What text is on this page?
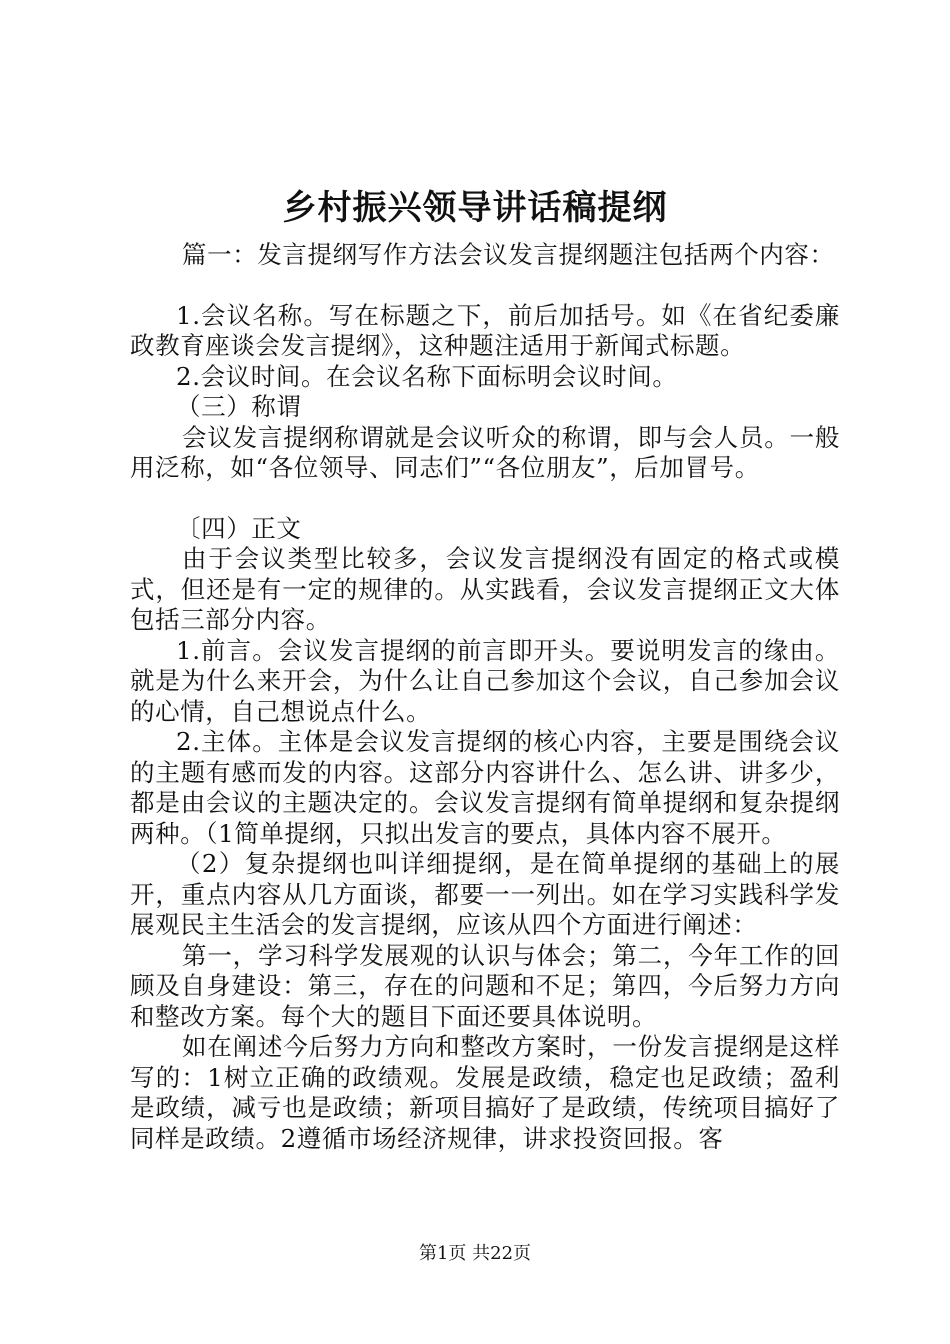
乡村振兴领导讲话稿提纲

篇一：发言提纲写作方法会议发言提纲题注包括两个内容：

1.会议名称。写在标题之下，前后加括号。如《在省纪委廉政教育座谈会发言提纲》，这种题注适用于新闻式标题。

2.会议时间。在会议名称下面标明会议时间。

（三）称谓

会议发言提纲称谓就是会议听众的称谓，即与会人员。一般用泛称，如“各位领导、同志们”“各位朋友”，后加冒号。

〔四）正文

由于会议类型比较多，会议发言提纲没有固定的格式或模式，但还是有一定的规律的。从实践看，会议发言提纲正文大体包括三部分内容。

1.前言。会议发言提纲的前言即开头。要说明发言的缘由。就是为什么来开会，为什么让自己参加这个会议，自己参加会议的心情，自己想说点什么。

2.主体。主体是会议发言提纲的核心内容，主要是围绕会议的主题有感而发的内容。这部分内容讲什么、怎么讲、讲多少，都是由会议的主题决定的。会议发言提纲有简单提纲和复杂提纲两种。（1简单提纲，只拟出发言的要点，具体内容不展开。

（2）复杂提纲也叫详细提纲，是在简单提纲的基础上的展开，重点内容从几方面谈，都要一一列出。如在学习实践科学发展观民主生活会的发言提纲，应该从四个方面进行阐述：

第一，学习科学发展观的认识与体会；第二，今年工作的回顾及自身建设：第三，存在的问题和不足；第四，今后努力方向和整改方案。每个大的题目下面还要具体说明。

如在阐述今后努力方向和整改方案时，一份发言提纲是这样写的：1树立正确的政绩观。发展是政绩，稳定也足政绩；盈利是政绩，减亏也是政绩；新项目搞好了是政绩，传统项目搞好了同样是政绩。2遵循市场经济规律，讲求投资回报。客

第1页 共22页
